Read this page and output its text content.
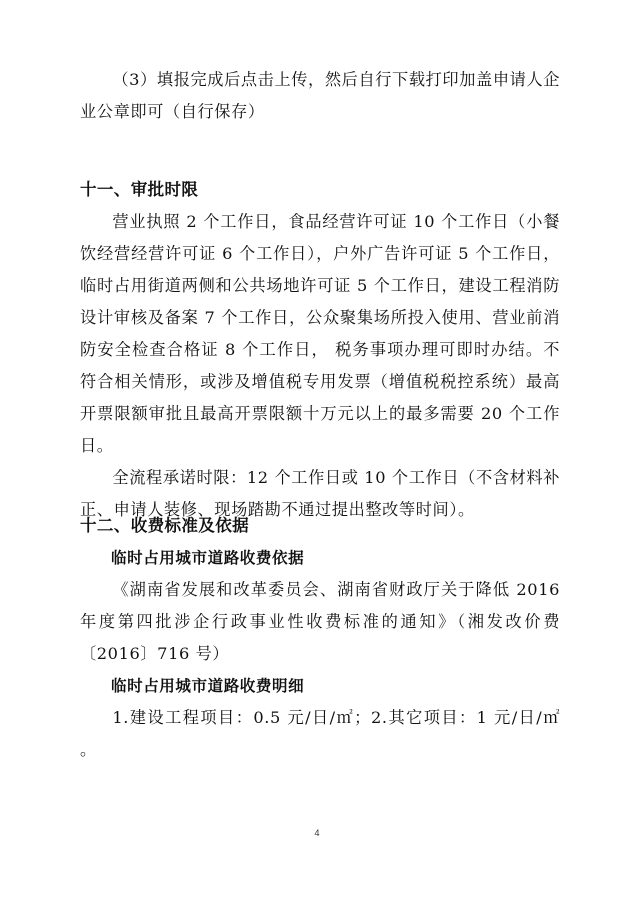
（3）填报完成后点击上传，然后自行下载打印加盖申请人企业公章即可（自行保存）

十一、审批时限

营业执照 2 个工作日，食品经营许可证 10 个工作日（小餐饮经营经营许可证 6 个工作日），户外广告许可证 5 个工作日，临时占用街道两侧和公共场地许可证 5 个工作日，建设工程消防设计审核及备案 7 个工作日，公众聚集场所投入使用、营业前消防安全检查合格证 8 个工作日， 税务事项办理可即时办结。不符合相关情形，或涉及增值税专用发票（增值税税控系统）最高开票限额审批且最高开票限额十万元以上的最多需要 20 个工作日。

全流程承诺时限：12 个工作日或 10 个工作日（不含材料补正、申请人装修、现场踏勘不通过提出整改等时间）。

十二、收费标准及依据
临时占用城市道路收费依据

《湖南省发展和改革委员会、湖南省财政厅关于降低 2016 年度第四批涉企行政事业性收费标准的通知》（湘发改价费〔2016〕716 号）

临时占用城市道路收费明细

1.建设工程项目：0.5 元/日/㎡；2.其它项目：1 元/日/㎡ 。

4
